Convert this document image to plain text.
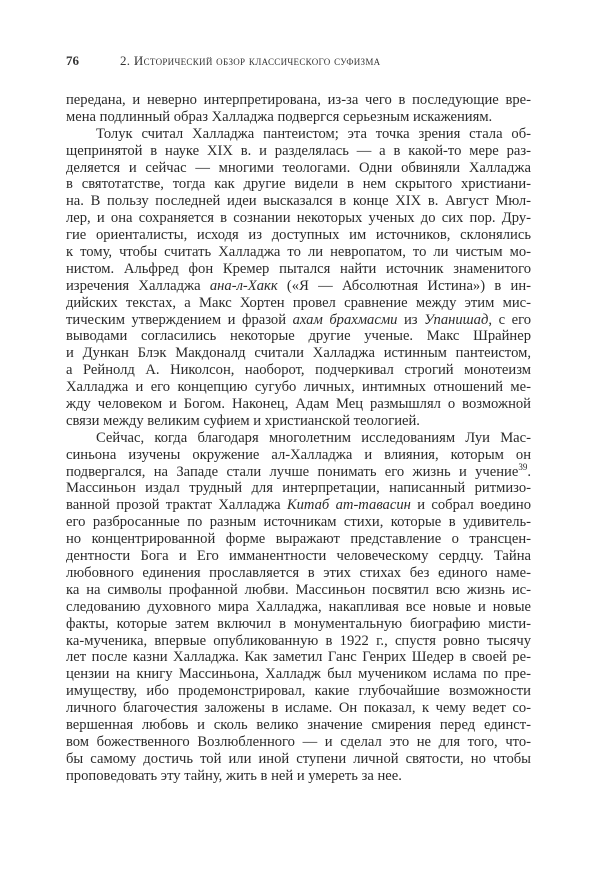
76	2. Исторический обзор классического суфизма
передана, и неверно интерпретирована, из-за чего в последующие вре-
мена подлинный образ Халладжа подвергся серьезным искажениям.
Толук считал Халладжа пантеистом; эта точка зрения стала об-
щепринятой в науке XIX в. и разделялась — а в какой-то мере раз-
деляется и сейчас — многими теологами. Одни обвиняли Халладжа
в святотатстве, тогда как другие видели в нем скрытого христиани-
на. В пользу последней идеи высказался в конце XIX в. Август Мюл-
лер, и она сохраняется в сознании некоторых ученых до сих пор. Дру-
гие ориенталисты, исходя из доступных им источников, склонялись
к тому, чтобы считать Халладжа то ли невропатом, то ли чистым мо-
нистом. Альфред фон Кремер пытался найти источник знаменитого
изречения Халладжа ана-л-Хакк («Я — Абсолютная Истина») в ин-
дийских текстах, а Макс Хортен провел сравнение между этим мис-
тическим утверждением и фразой ахам брахмасми из Упанишад, с его
выводами согласились некоторые другие ученые. Макс Шрайнер
и Дункан Блэк Макдоналд считали Халладжа истинным пантеистом,
а Рейнолд А. Николсон, наоборот, подчеркивал строгий монотеизм
Халладжа и его концепцию сугубо личных, интимных отношений ме-
жду человеком и Богом. Наконец, Адам Мец размышлял о возможной
связи между великим суфием и христианской теологией.
Сейчас, когда благодаря многолетним исследованиям Луи Мас-
синьона изучены окружение ал-Халладжа и влияния, которым он
подвергался, на Западе стали лучше понимать его жизнь и учение$^{39}$.
Массиньон издал трудный для интерпретации, написанный ритмизо-
ванной прозой трактат Халладжа Китаб ат-тавасин и собрал воедино
его разбросанные по разным источникам стихи, которые в удивитель-
но концентрированной форме выражают представление о трансцен-
дентности Бога и Его имманентности человеческому сердцу. Тайна
любовного единения прославляется в этих стихах без единого наме-
ка на символы профанной любви. Массиньон посвятил всю жизнь ис-
следованию духовного мира Халладжа, накапливая все новые и новые
факты, которые затем включил в монументальную биографию мисти-
ка-мученика, впервые опубликованную в 1922 г., спустя ровно тысячу
лет после казни Халладжа. Как заметил Ганс Генрих Шедер в своей ре-
цензии на книгу Массиньона, Халладж был мучеником ислама по пре-
имуществу, ибо продемонстрировал, какие глубочайшие возможности
личного благочестия заложены в исламе. Он показал, к чему ведет со-
вершенная любовь и сколь велико значение смирения перед единст-
вом божественного Возлюбленного — и сделал это не для того, что-
бы самому достичь той или иной ступени личной святости, но чтобы
проповедовать эту тайну, жить в ней и умереть за нее.
